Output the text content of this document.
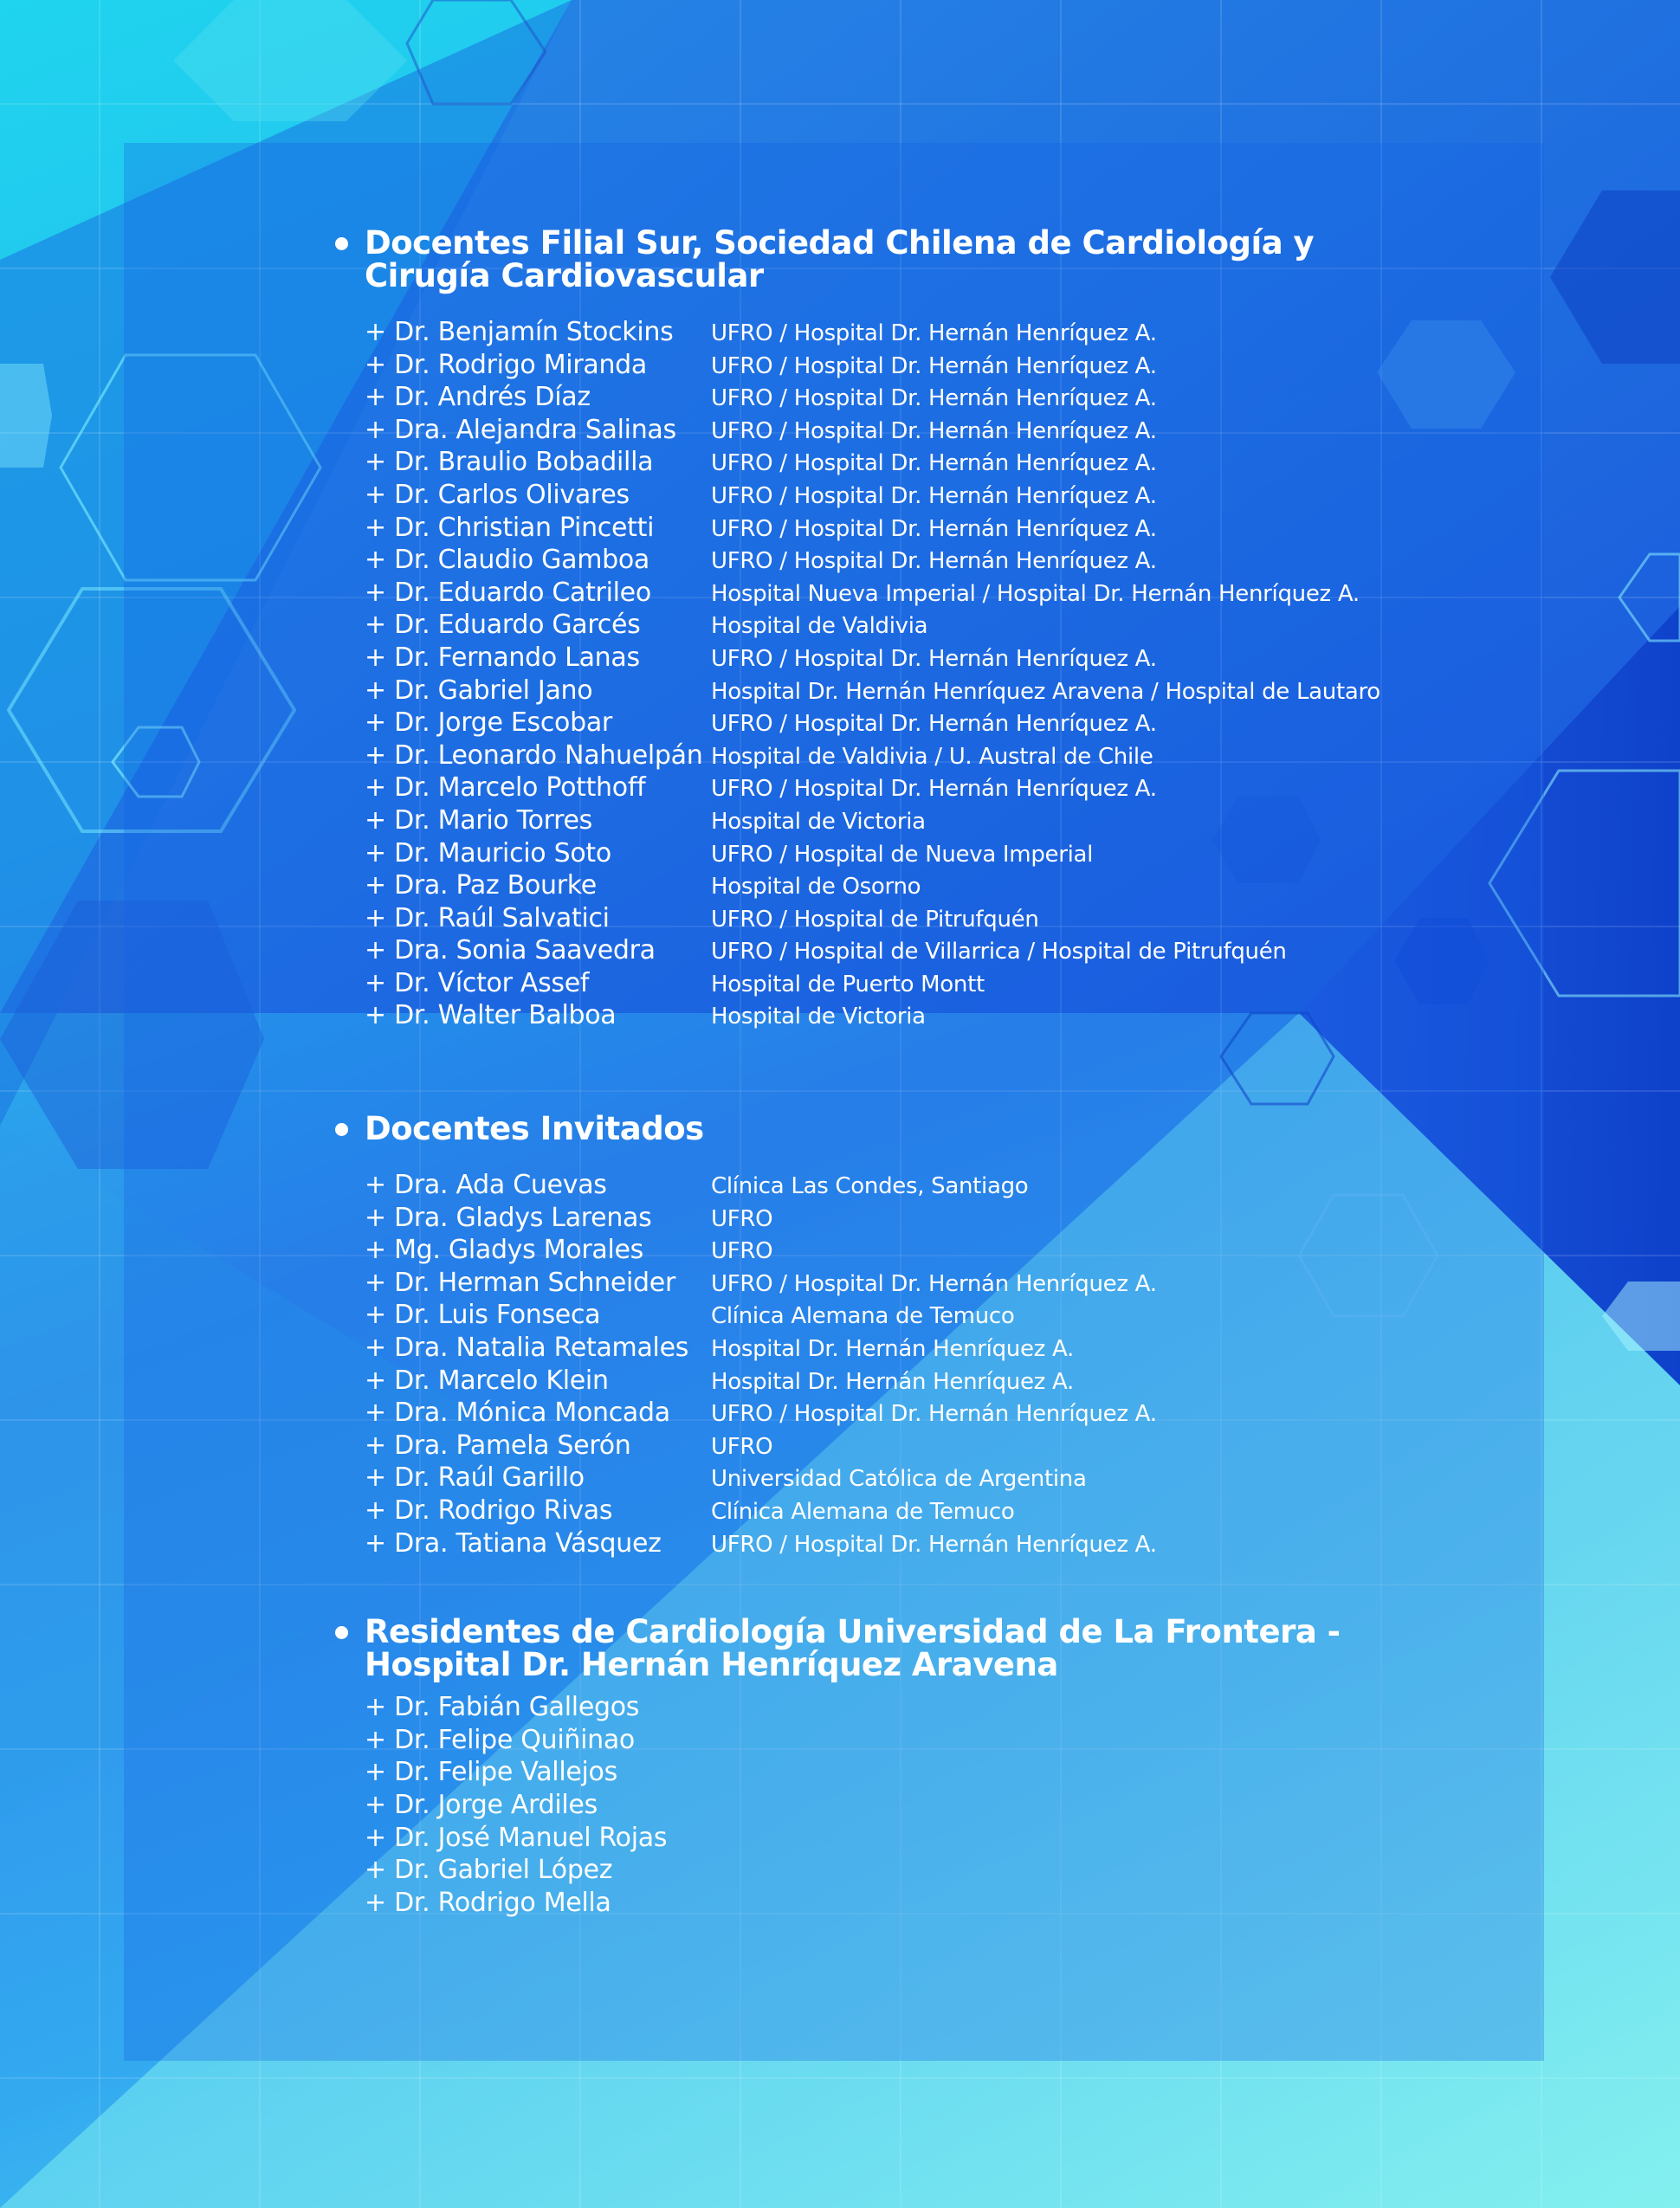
Docentes Filial Sur, Sociedad Chilena de Cardiología y
Cirugía Cardiovascular
+ Dr. Benjamín Stockins	UFRO / Hospital Dr. Hernán Henríquez A.
+ Dr. Rodrigo Miranda	UFRO / Hospital Dr. Hernán Henríquez A.
+ Dr. Andrés Díaz	UFRO / Hospital Dr. Hernán Henríquez A.
+ Dra. Alejandra Salinas	UFRO / Hospital Dr. Hernán Henríquez A.
+ Dr. Braulio Bobadilla	UFRO / Hospital Dr. Hernán Henríquez A.
+ Dr. Carlos Olivares	UFRO / Hospital Dr. Hernán Henríquez A.
+ Dr. Christian Pincetti	UFRO / Hospital Dr. Hernán Henríquez A.
+ Dr. Claudio Gamboa	UFRO / Hospital Dr. Hernán Henríquez A.
+ Dr. Eduardo Catrileo	Hospital Nueva Imperial / Hospital Dr. Hernán Henríquez A.
+ Dr. Eduardo Garcés	Hospital de Valdivia
+ Dr. Fernando Lanas	UFRO / Hospital Dr. Hernán Henríquez A.
+ Dr. Gabriel Jano	Hospital Dr. Hernán Henríquez Aravena / Hospital de Lautaro
+ Dr. Jorge Escobar	UFRO / Hospital Dr. Hernán Henríquez A.
+ Dr. Leonardo Nahuelpán Hospital de Valdivia / U. Austral de Chile
+ Dr. Marcelo Potthoff	UFRO / Hospital Dr. Hernán Henríquez A.
+ Dr. Mario Torres	Hospital de Victoria
+ Dr. Mauricio Soto	UFRO / Hospital de Nueva Imperial
+ Dra. Paz Bourke	Hospital de Osorno
+ Dr. Raúl Salvatici	UFRO / Hospital de Pitrufquén
+ Dra. Sonia Saavedra	UFRO / Hospital de Villarrica / Hospital de Pitrufquén
+ Dr. Víctor Assef	Hospital de Puerto Montt
+ Dr. Walter Balboa	Hospital de Victoria
Docentes Invitados
+ Dra. Ada Cuevas	Clínica Las Condes, Santiago
+ Dra. Gladys Larenas	UFRO
+ Mg. Gladys Morales	UFRO
+ Dr. Herman Schneider	UFRO / Hospital Dr. Hernán Henríquez A.
+ Dr. Luis Fonseca	Clínica Alemana de Temuco
+ Dra. Natalia Retamales Hospital Dr. Hernán Henríquez A.
+ Dr. Marcelo Klein	Hospital Dr. Hernán Henríquez A.
+ Dra. Mónica Moncada	UFRO / Hospital Dr. Hernán Henríquez A.
+ Dra. Pamela Serón	UFRO
+ Dr. Raúl Garillo	Universidad Católica de Argentina
+ Dr. Rodrigo Rivas	Clínica Alemana de Temuco
+ Dra. Tatiana Vásquez	UFRO / Hospital Dr. Hernán Henríquez A.
Residentes de Cardiología Universidad de La Frontera -
Hospital Dr. Hernán Henríquez Aravena
+ Dr. Fabián Gallegos
+ Dr. Felipe Quiñinao
+ Dr. Felipe Vallejos
+ Dr. Jorge Ardiles
+ Dr. José Manuel Rojas
+ Dr. Gabriel López
+ Dr. Rodrigo Mella
